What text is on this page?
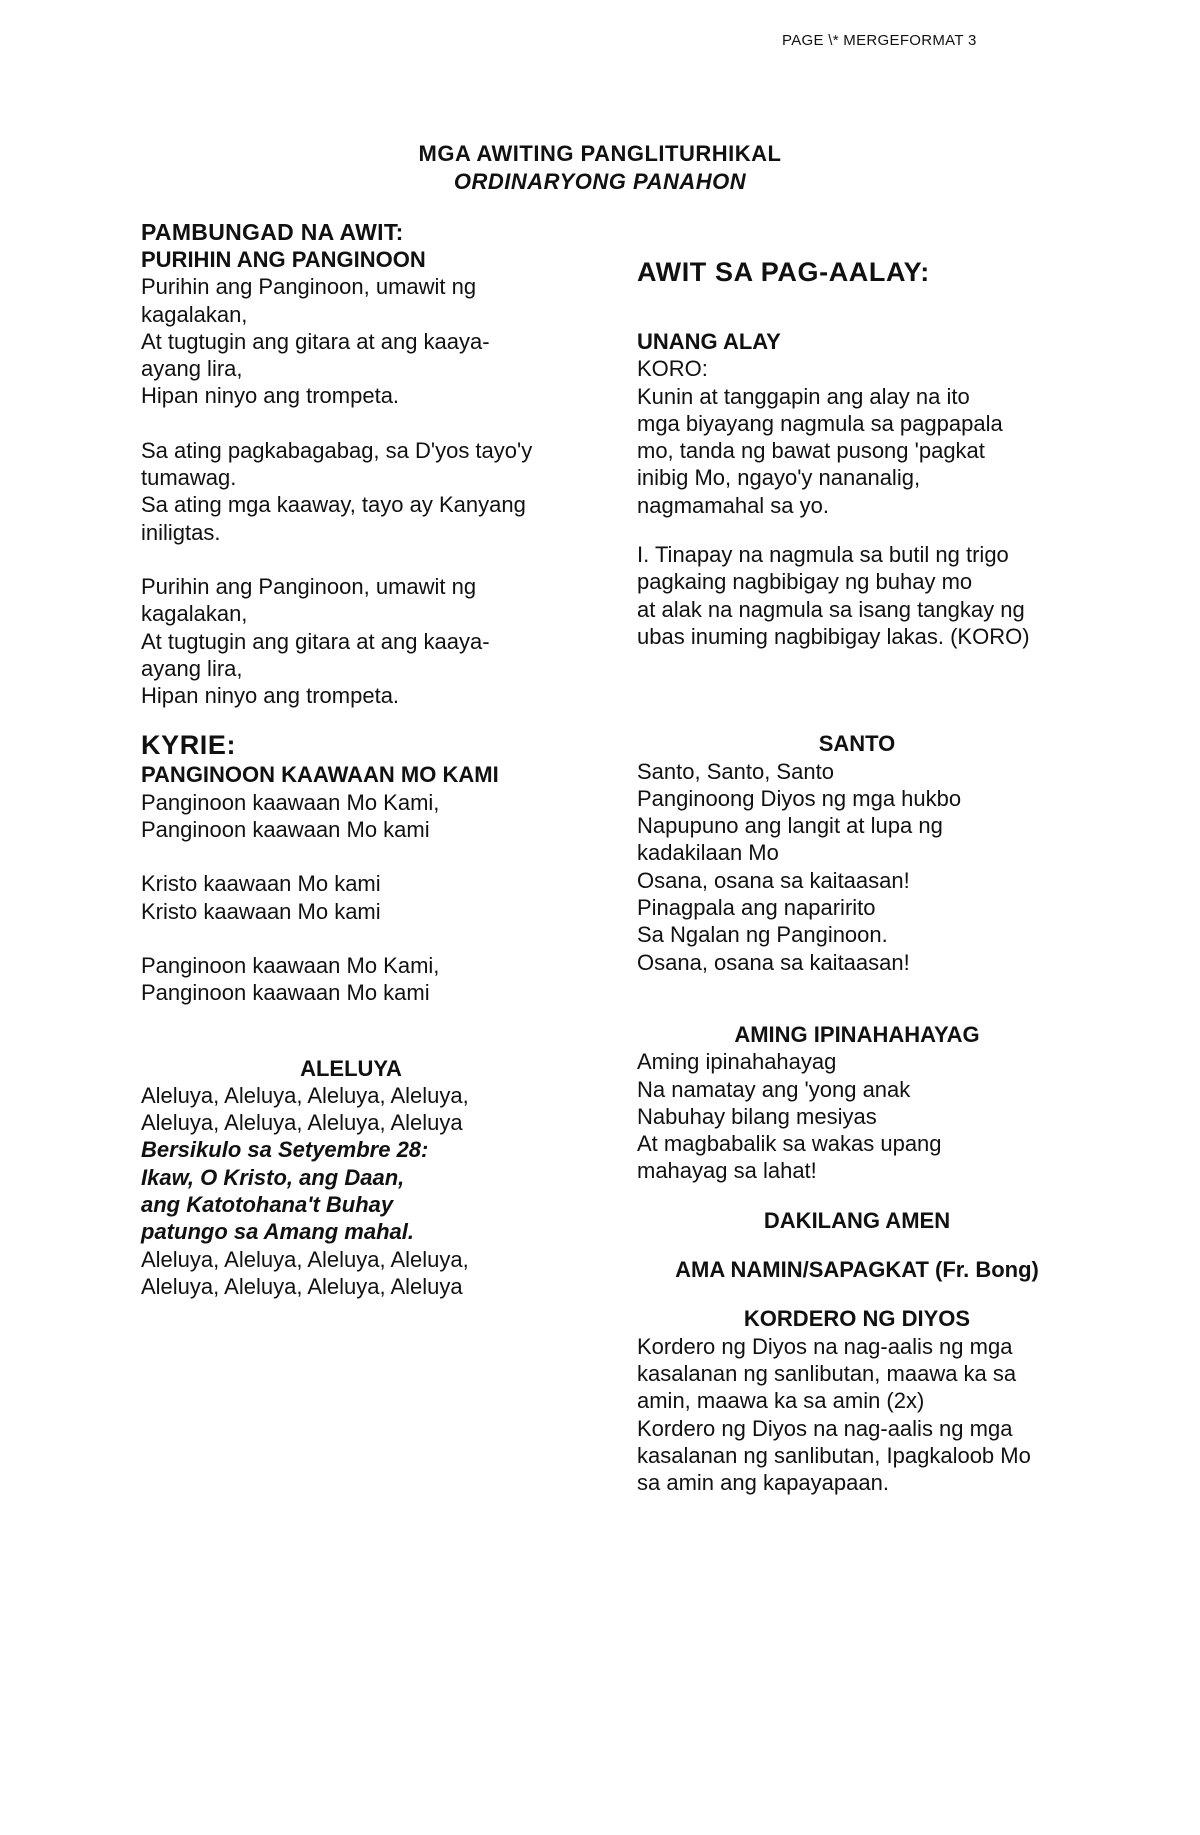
PAGE \* MERGEFORMAT 3
MGA AWITING PANGLITURHIKAL
ORDINARYONG PANAHON
PAMBUNGAD NA AWIT:
PURIHIN ANG PANGINOON
Purihin ang Panginoon, umawit ng
kagalakan,
At tugtugin ang gitara at ang kaaya-
ayang lira,
Hipan ninyo ang trompeta.
Sa ating pagkabagabag, sa D'yos tayo'y
tumawag.
Sa ating mga kaaway, tayo ay Kanyang
iniligtas.
Purihin ang Panginoon, umawit ng
kagalakan,
At tugtugin ang gitara at ang kaaya-
ayang lira,
Hipan ninyo ang trompeta.
KYRIE:
PANGINOON KAAWAAN MO KAMI
Panginoon kaawaan Mo Kami,
Panginoon kaawaan Mo kami
Kristo kaawaan Mo kami
Kristo kaawaan Mo kami
Panginoon kaawaan Mo Kami,
Panginoon kaawaan Mo kami
ALELUYA
Aleluya, Aleluya, Aleluya, Aleluya,
Aleluya, Aleluya, Aleluya, Aleluya
Bersikulo sa Setyembre 28:
Ikaw, O Kristo, ang Daan,
ang Katotohana't Buhay
patungo sa Amang mahal.
Aleluya, Aleluya, Aleluya, Aleluya,
Aleluya, Aleluya, Aleluya, Aleluya
AWIT SA PAG-AALAY:
UNANG ALAY
KORO:
Kunin at tanggapin ang alay na ito
mga biyayang nagmula sa pagpapala
mo, tanda ng bawat pusong 'pagkat
inibig Mo, ngayo'y nananalig,
nagmamahal sa yo.
I. Tinapay na nagmula sa butil ng trigo
pagkaing nagbibigay ng buhay mo
at alak na nagmula sa isang tangkay ng
ubas inuming nagbibigay lakas. (KORO)
SANTO
Santo, Santo, Santo
Panginoong Diyos ng mga hukbo
Napupuno ang langit at lupa ng
kadakilaan Mo
Osana, osana sa kaitaasan!
Pinagpala ang naparirito
Sa Ngalan ng Panginoon.
Osana, osana sa kaitaasan!
AMING IPINAHAHAYAG
Aming ipinahahayag
Na namatay ang 'yong anak
Nabuhay bilang mesiyas
At magbabalik sa wakas upang
mahayag sa lahat!
DAKILANG AMEN
AMA NAMIN/SAPAGKAT (Fr. Bong)
KORDERO NG DIYOS
Kordero ng Diyos na nag-aalis ng mga
kasalanan ng sanlibutan, maawa ka sa
amin, maawa ka sa amin (2x)
Kordero ng Diyos na nag-aalis ng mga
kasalanan ng sanlibutan, Ipagkaloob Mo
sa amin ang kapayapaan.
